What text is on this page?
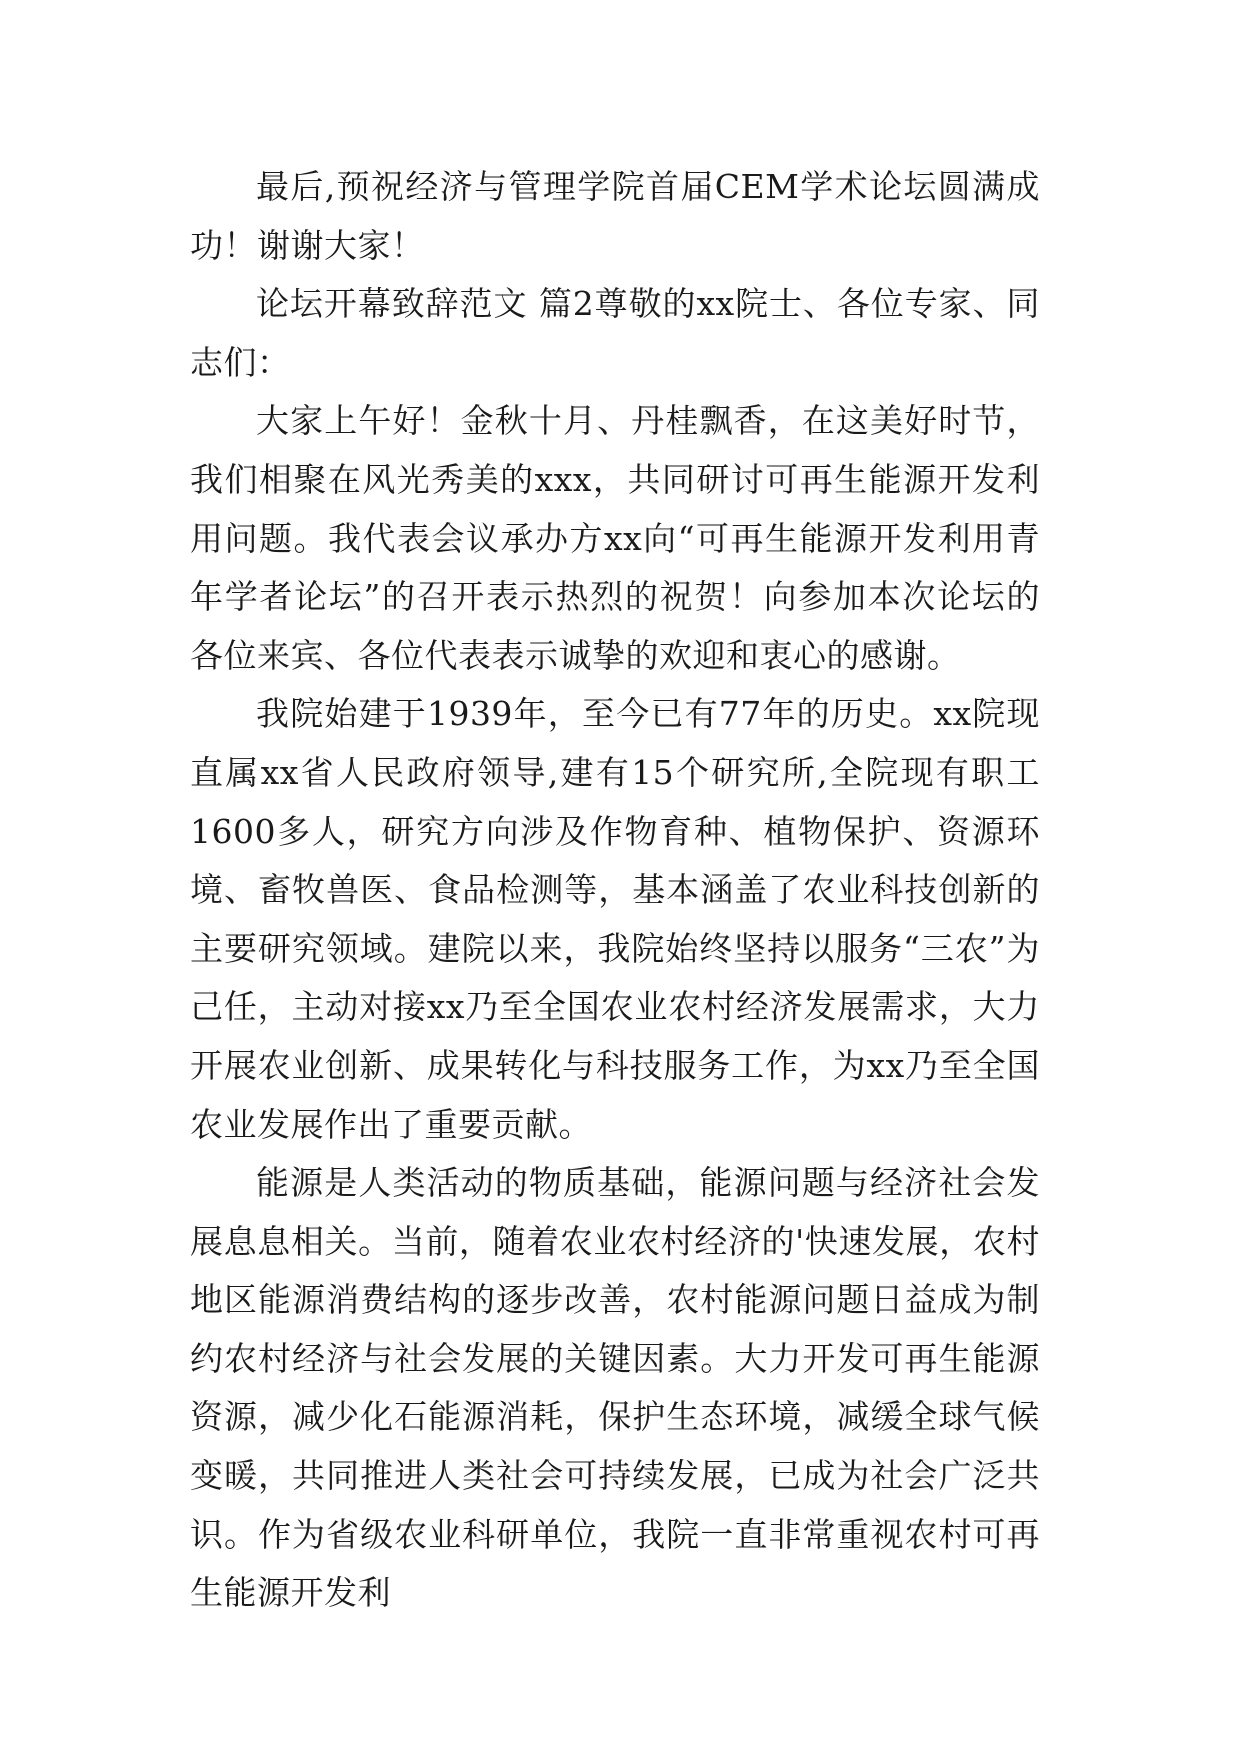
最后,预祝经济与管理学院首届CEM学术论坛圆满成功！谢谢大家！

论坛开幕致辞范文 篇2尊敬的xx院士、各位专家、同志们：

大家上午好！金秋十月、丹桂飘香，在这美好时节，我们相聚在风光秀美的xxx，共同研讨可再生能源开发利用问题。我代表会议承办方xx向“可再生能源开发利用青年学者论坛”的召开表示热烈的祝贺！向参加本次论坛的各位来宾、各位代表表示诚挚的欢迎和衷心的感谢。

我院始建于1939年，至今已有77年的历史。xx院现直属xx省人民政府领导,建有15个研究所,全院现有职工1600多人，研究方向涉及作物育种、植物保护、资源环境、畜牧兽医、食品检测等，基本涵盖了农业科技创新的主要研究领域。建院以来，我院始终坚持以服务“三农”为己任，主动对接xx乃至全国农业农村经济发展需求，大力开展农业创新、成果转化与科技服务工作，为xx乃至全国农业发展作出了重要贡献。

能源是人类活动的物质基础，能源问题与经济社会发展息息相关。当前，随着农业农村经济的'快速发展，农村地区能源消费结构的逐步改善，农村能源问题日益成为制约农村经济与社会发展的关键因素。大力开发可再生能源资源，减少化石能源消耗，保护生态环境，减缓全球气候变暖，共同推进人类社会可持续发展，已成为社会广泛共识。作为省级农业科研单位，我院一直非常重视农村可再生能源开发利
